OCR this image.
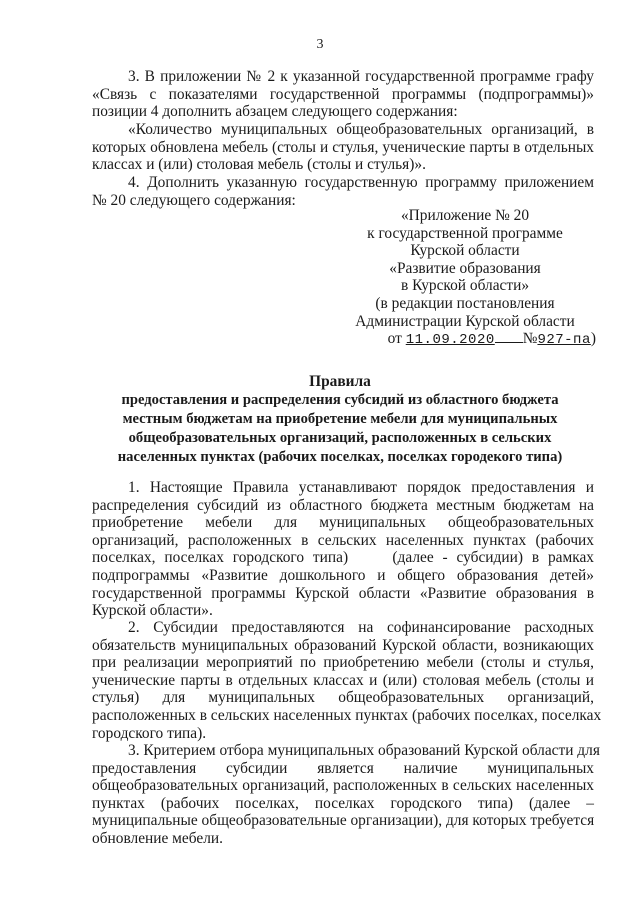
3
3. В приложении № 2 к указанной государственной программе графу
«Связь с показателями государственной программы (подпрограммы)»
позиции 4 дополнить абзацем следующего содержания:
«Количество муниципальных общеобразовательных организаций, в
которых обновлена мебель (столы и стулья, ученические парты в отдельных
классах и (или) столовая мебель (столы и стулья)».
4. Дополнить указанную государственную программу приложением
№ 20 следующего содержания:
«Приложение № 20
к государственной программе
Курской области
«Развитие образования
в Курской области»
(в редакции постановления
Администрации Курской области
от 11.09.2020 №927-па)
Правила
предоставления и распределения субсидий из областного бюджета
местным бюджетам на приобретение мебели для муниципальных
общеобразовательных организаций, расположенных в сельских
населенных пунктах (рабочих поселках, поселках городекого типа)
1. Настоящие Правила устанавливают порядок предоставления и
распределения субсидий из областного бюджета местным бюджетам на
приобретение мебели для муниципальных общеобразовательных
организаций, расположенных в сельских населенных пунктах (рабочих
поселках, поселках городского типа)     (далее - субсидии) в рамках
подпрограммы «Развитие дошкольного и общего образования детей»
государственной программы Курской области «Развитие образования в
Курской области».
2. Субсидии предоставляются на софинансирование расходных
обязательств муниципальных образований Курской области, возникающих
при реализации мероприятий по приобретению мебели (столы и стулья,
ученические парты в отдельных классах и (или) столовая мебель (столы и
стулья) для муниципальных общеобразовательных организаций,
расположенных в сельских населенных пунктах (рабочих поселках, поселках
городского типа).
3. Критерием отбора муниципальных образований Курской области для
предоставления субсидии является наличие муниципальных
общеобразовательных организаций, расположенных в сельских населенных
пунктах (рабочих поселках, поселках городского типа) (далее –
муниципальные общеобразовательные организации), для которых требуется
обновление мебели.
